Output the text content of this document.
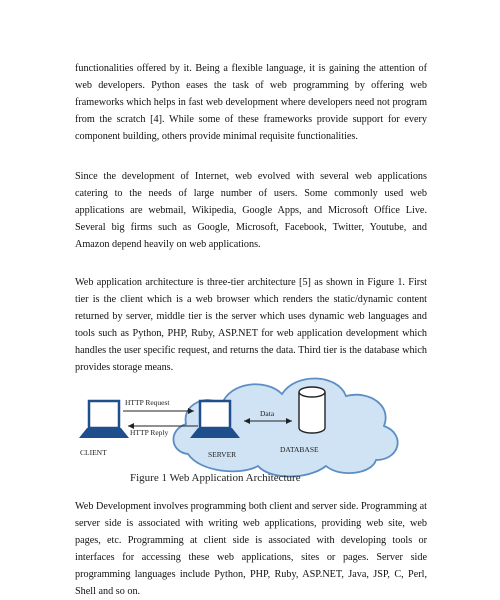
functionalities offered by it. Being a flexible language, it is gaining the attention of web developers. Python eases the task of web programming by offering web frameworks which helps in fast web development where developers need not program from the scratch [4]. While some of these frameworks provide support for every component building, others provide minimal requisite functionalities.

Since the development of Internet, web evolved with several web applications catering to the needs of large number of users. Some commonly used web applications are webmail, Wikipedia, Google Apps, and Microsoft Office Live. Several big firms such as Google, Microsoft, Facebook, Twitter, Youtube, and Amazon depend heavily on web applications.

Web application architecture is three-tier architecture [5] as shown in Figure 1. First tier is the client which is a web browser which renders the static/dynamic content returned by server, middle tier is the server which uses dynamic web languages and tools such as Python, PHP, Ruby, ASP.NET for web application development which handles the user specific request, and returns the data. Third tier is the database which provides storage means.

HTTP Request
HTTP Reply
Data
CLIENT	SERVER
DATABASE
Figure 1 Web Application Architecture

Web Development involves programming both client and server side. Programming at server side is associated with writing web applications, providing web site, web pages, etc. Programming at client side is associated with developing tools or interfaces for accessing these web applications, sites or pages. Server side programming languages include Python, PHP, Ruby, ASP.NET, Java, JSP, C, Perl, Shell and so on.
